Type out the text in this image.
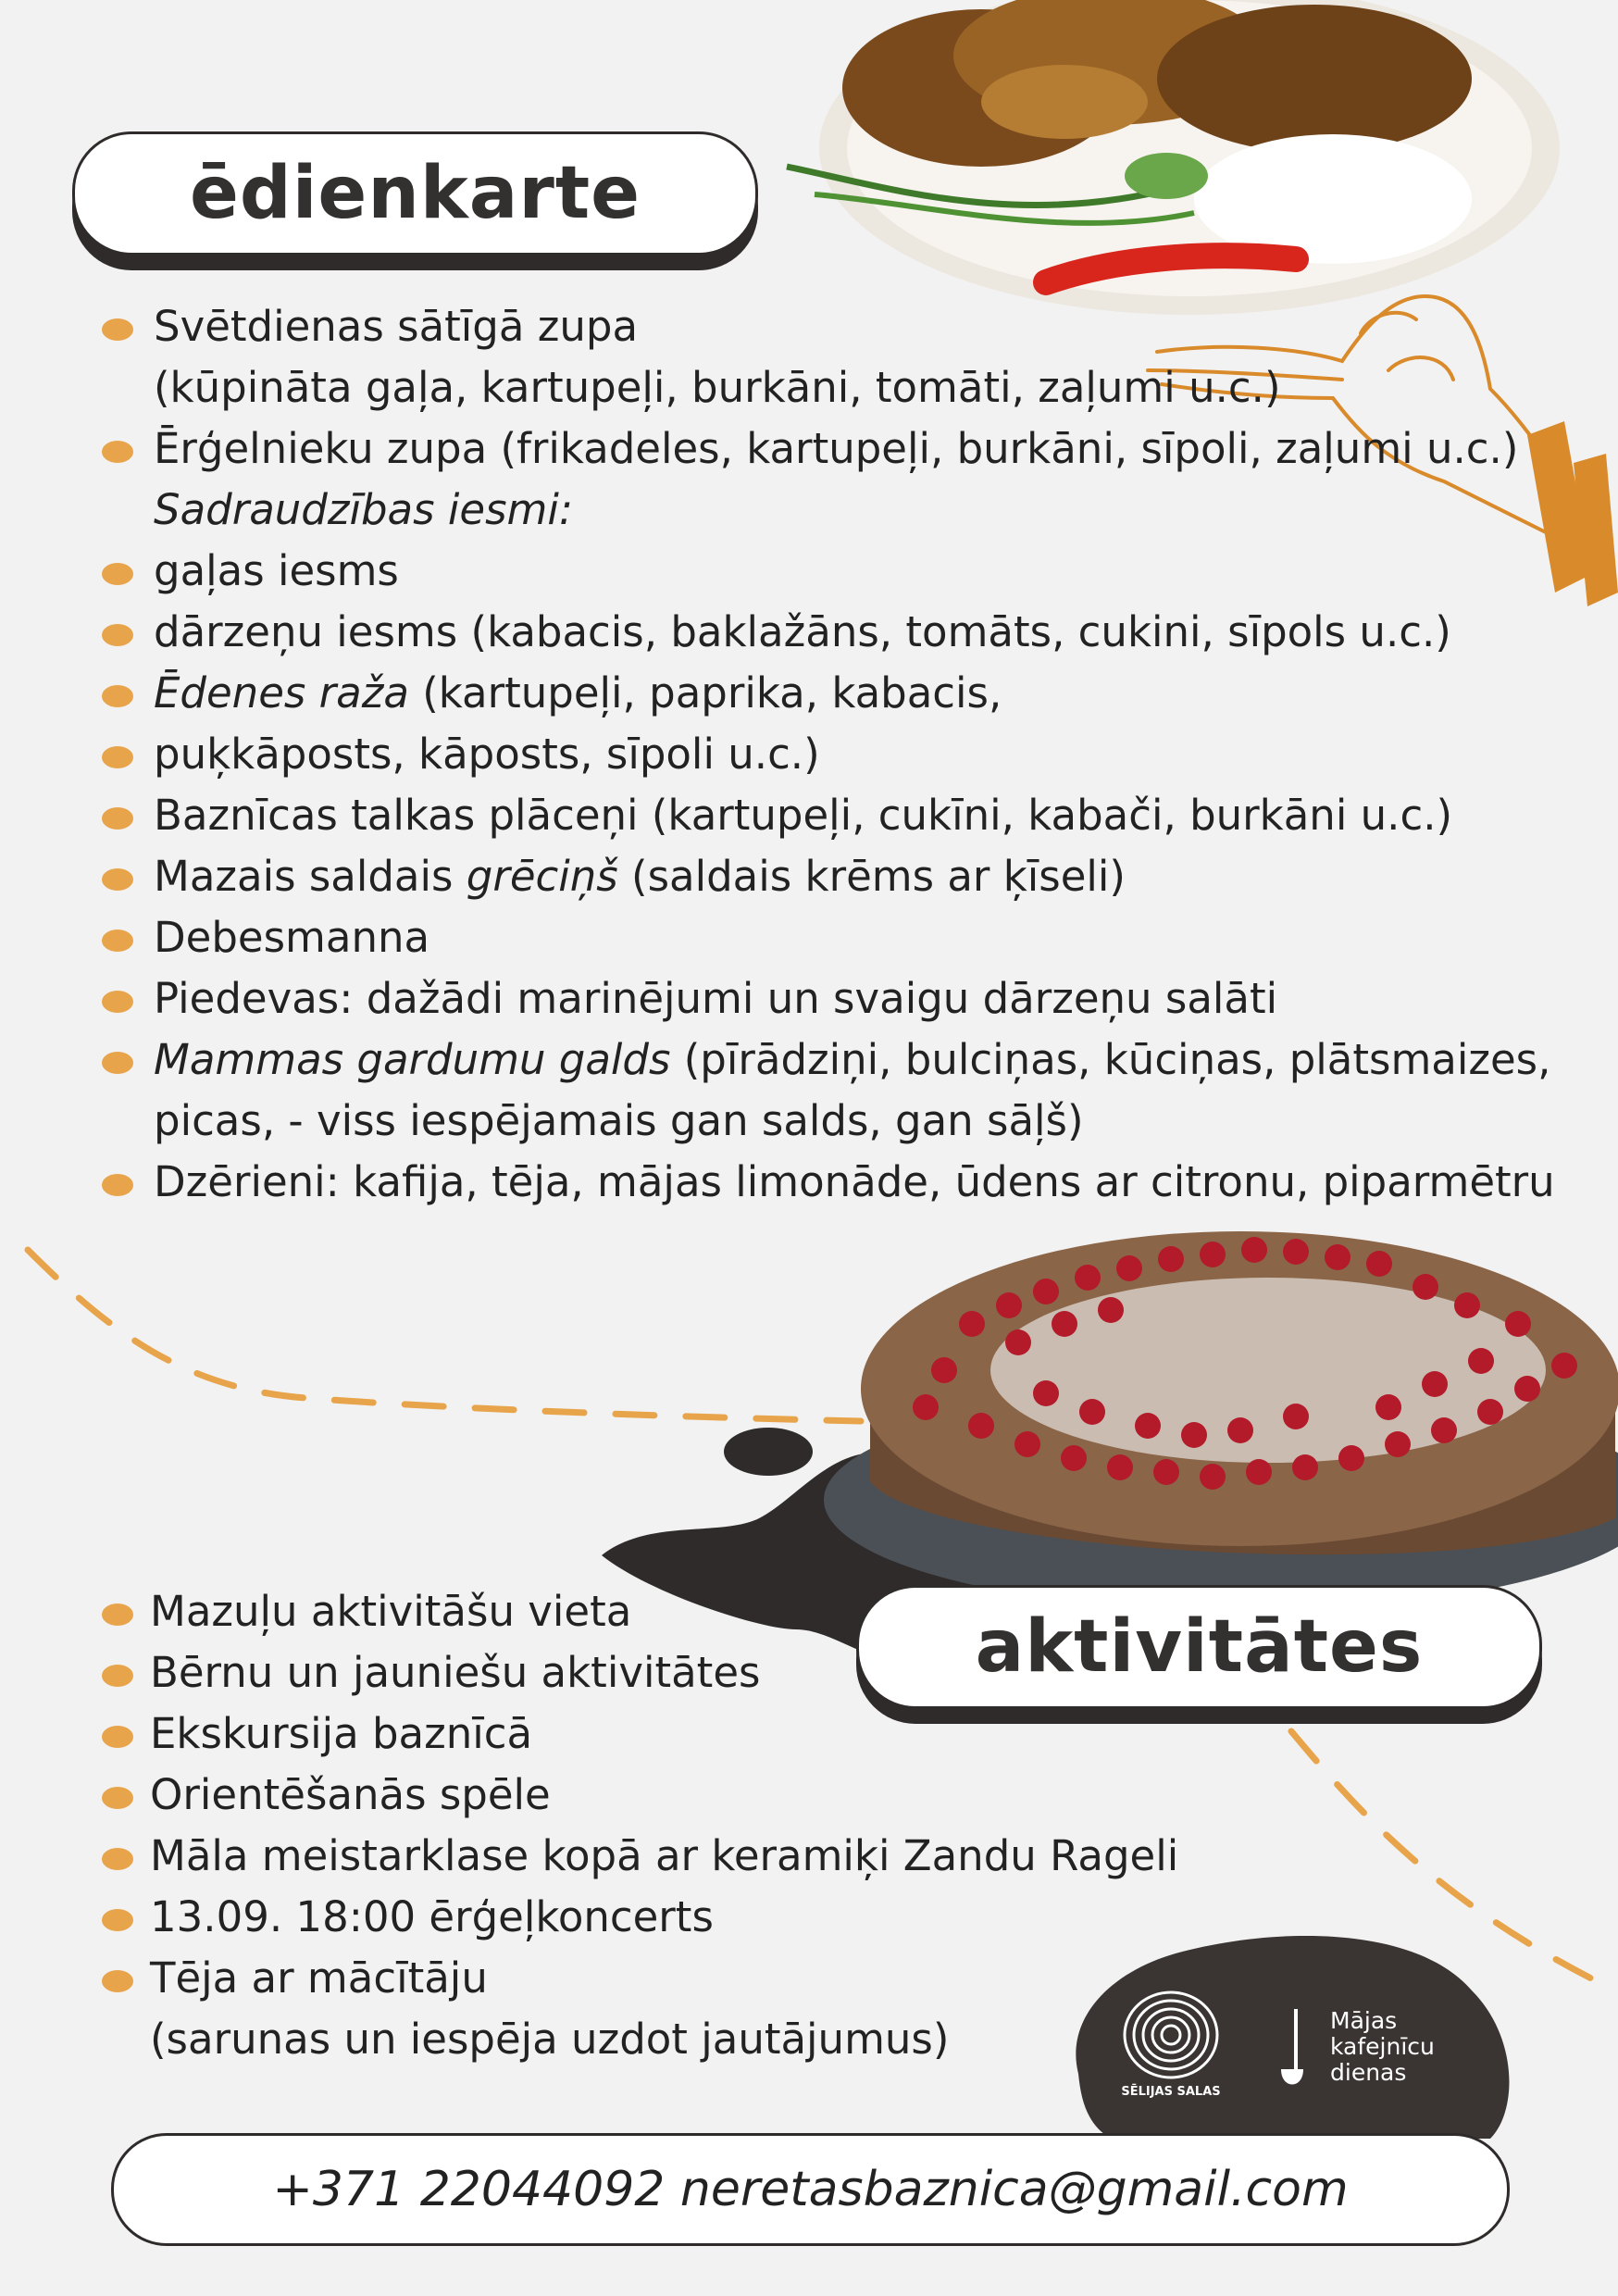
ēdienkarte
Svētdienas sātīgā zupa
(kūpināta gaļa, kartupeļi, burkāni, tomāti, zaļumi u.c.)
Ērģelnieku zupa (frikadeles, kartupeļi, burkāni, sīpoli, zaļumi u.c.)
Sadraudzības iesmi:
gaļas iesms
dārzeņu iesms (kabacis, baklažāns, tomāts, cukini, sīpols u.c.)
Ēdenes raža (kartupeļi, paprika, kabacis,
puķkāposts, kāposts, sīpoli u.c.)
Baznīcas talkas plāceņi (kartupeļi, cukīni, kabači, burkāni u.c.)
Mazais saldais grēciņš (saldais krēms ar ķīseli)
Debesmanna
Piedevas: dažādi marinējumi un svaigu dārzeņu salāti
Mammas gardumu galds (pīrādziņi, bulciņas, kūciņas, plātsmaizes,
picas, - viss iespējamais gan salds, gan sāļš)
Dzērieni: kafija, tēja, mājas limonāde, ūdens ar citronu, piparmētru
aktivitātes
Mazuļu aktivitāšu vieta
Bērnu un jauniešu aktivitātes
Ekskursija baznīcā
Orientēšanās spēle
Māla meistarklase kopā ar keramiķi Zandu Rageli
13.09. 18:00 ērģeļkoncerts
Tēja ar mācītāju
(sarunas un iespēja uzdot jautājumus)
SĒLIJAS SALAS
Mājas
kafejnīcu
dienas
+371 22044092 neretasbaznica@gmail.com
